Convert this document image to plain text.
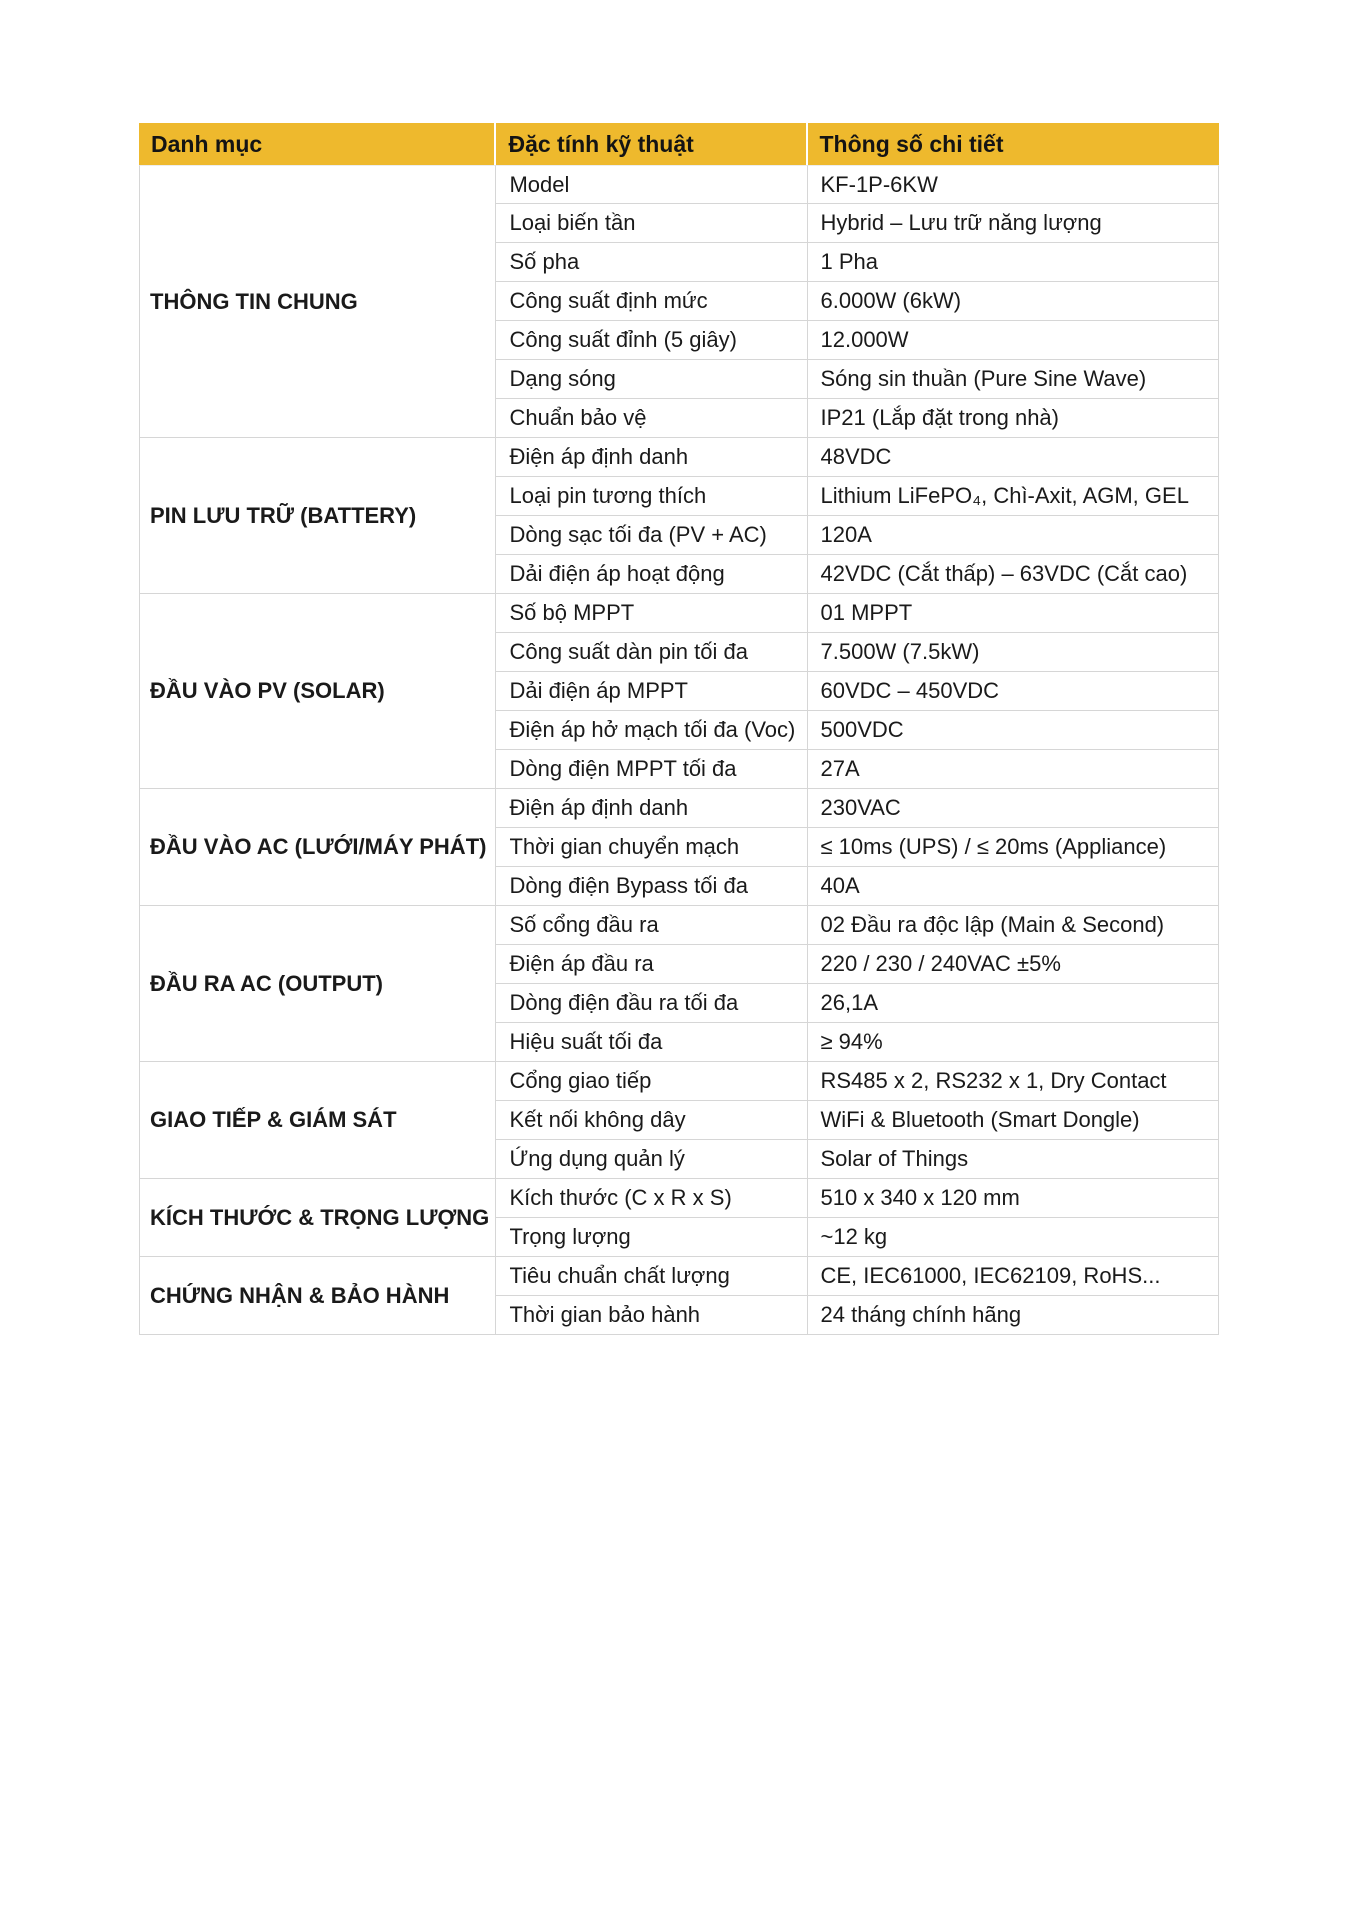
Danh mục	Đặc tính kỹ thuật	Thông số chi tiết
THÔNG TIN CHUNG	Model	KF-1P-6KW
	Loại biến tần	Hybrid – Lưu trữ năng lượng
	Số pha	1 Pha
	Công suất định mức	6.000W (6kW)
	Công suất đỉnh (5 giây)	12.000W
	Dạng sóng	Sóng sin thuần (Pure Sine Wave)
	Chuẩn bảo vệ	IP21 (Lắp đặt trong nhà)
PIN LƯU TRỮ (BATTERY)	Điện áp định danh	48VDC
	Loại pin tương thích	Lithium LiFePO₄, Chì-Axit, AGM, GEL
	Dòng sạc tối đa (PV + AC)	120A
	Dải điện áp hoạt động	42VDC (Cắt thấp) – 63VDC (Cắt cao)
ĐẦU VÀO PV (SOLAR)	Số bộ MPPT	01 MPPT
	Công suất dàn pin tối đa	7.500W (7.5kW)
	Dải điện áp MPPT	60VDC – 450VDC
	Điện áp hở mạch tối đa (Voc)	500VDC
	Dòng điện MPPT tối đa	27A
ĐẦU VÀO AC (LƯỚI/MÁY PHÁT)	Điện áp định danh	230VAC
	Thời gian chuyển mạch	≤ 10ms (UPS) / ≤ 20ms (Appliance)
	Dòng điện Bypass tối đa	40A
ĐẦU RA AC (OUTPUT)	Số cổng đầu ra	02 Đầu ra độc lập (Main & Second)
	Điện áp đầu ra	220 / 230 / 240VAC ±5%
	Dòng điện đầu ra tối đa	26,1A
	Hiệu suất tối đa	≥ 94%
GIAO TIẾP & GIÁM SÁT	Cổng giao tiếp	RS485 x 2, RS232 x 1, Dry Contact
	Kết nối không dây	WiFi & Bluetooth (Smart Dongle)
	Ứng dụng quản lý	Solar of Things
KÍCH THƯỚC & TRỌNG LƯỢNG	Kích thước (C x R x S)	510 x 340 x 120 mm
	Trọng lượng	~12 kg
CHỨNG NHẬN & BẢO HÀNH	Tiêu chuẩn chất lượng	CE, IEC61000, IEC62109, RoHS...
	Thời gian bảo hành	24 tháng chính hãng
